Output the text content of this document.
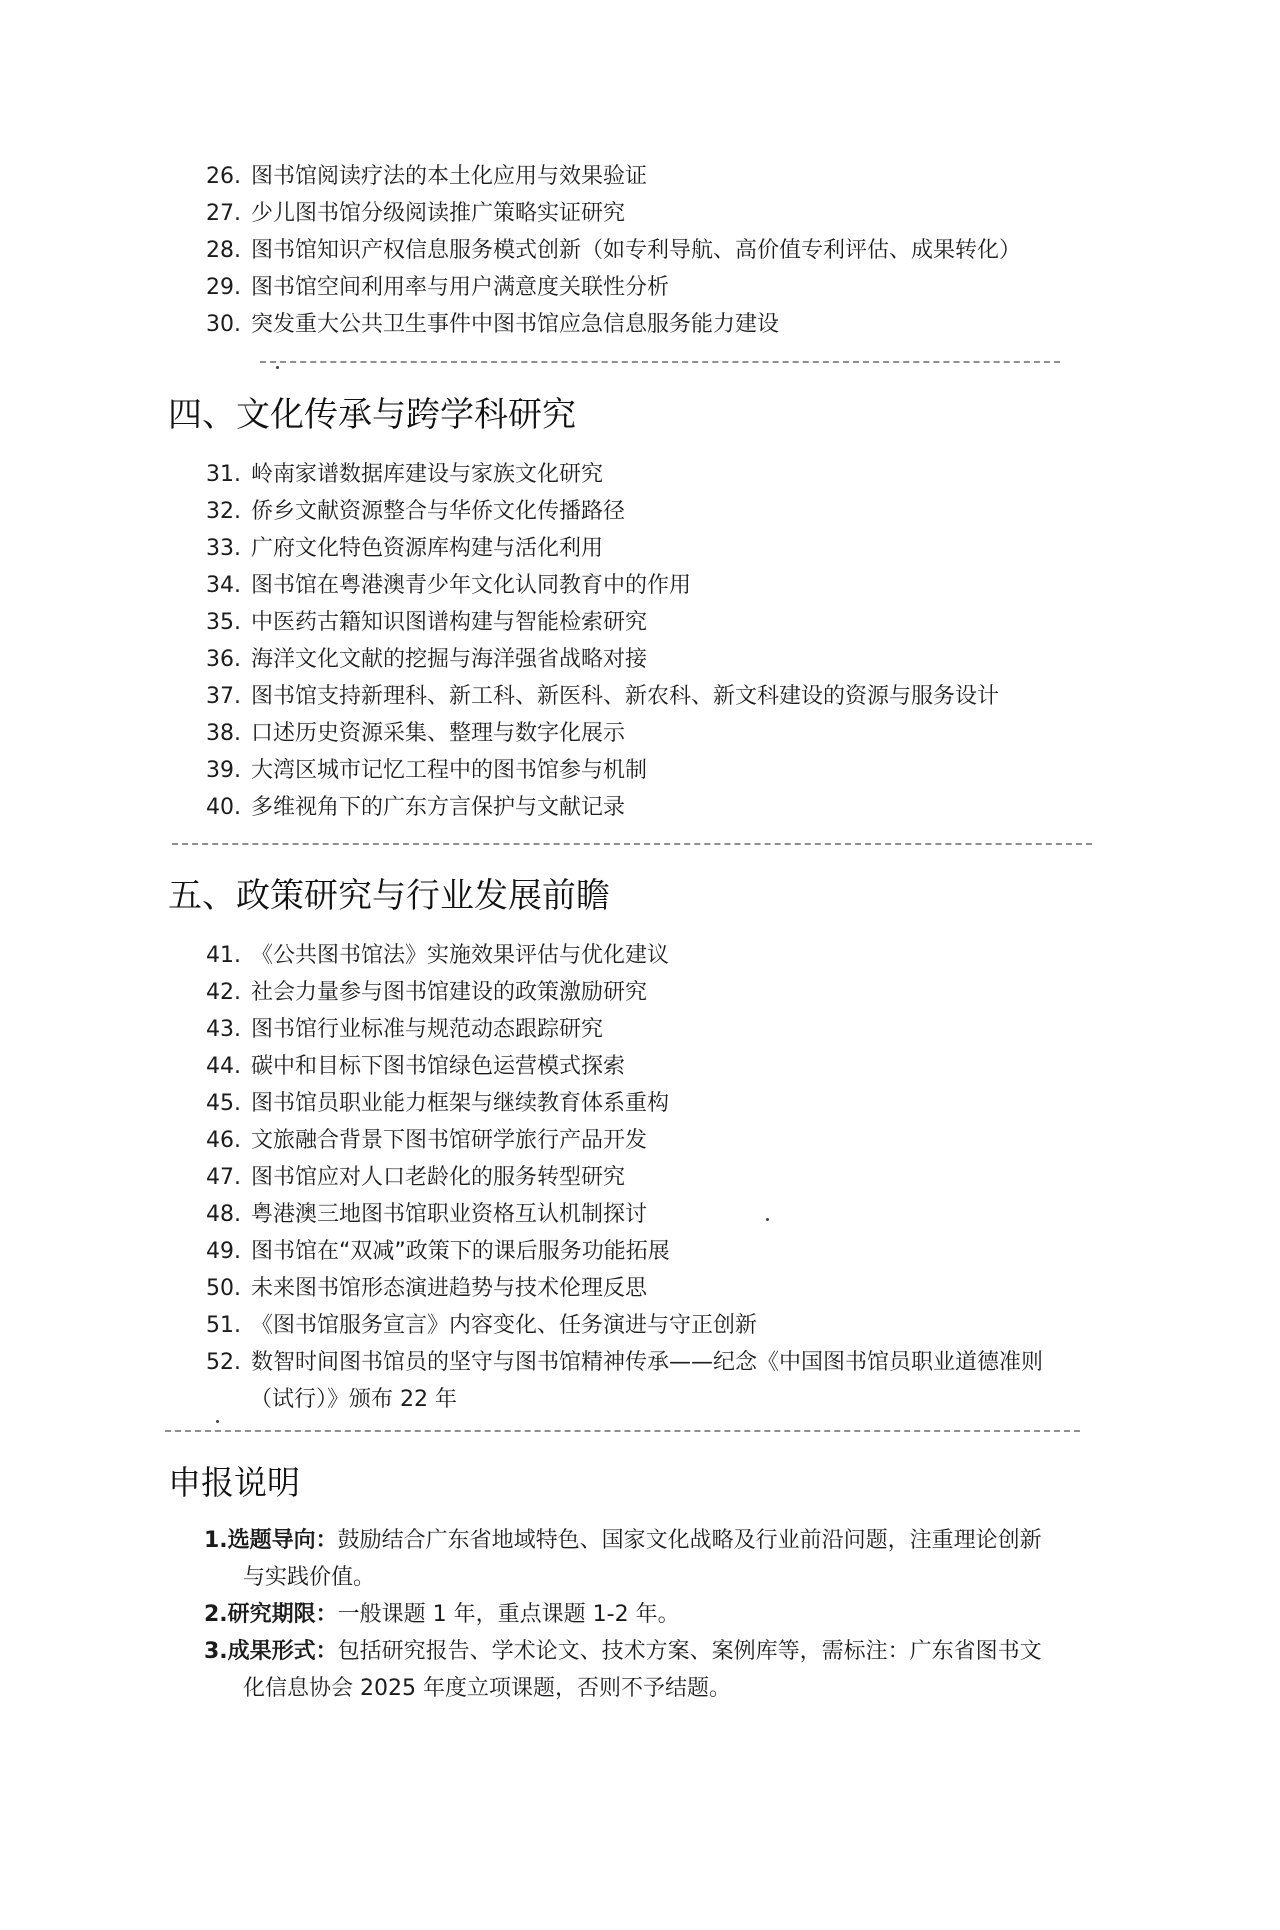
26. 图书馆阅读疗法的本土化应用与效果验证
27. 少儿图书馆分级阅读推广策略实证研究
28. 图书馆知识产权信息服务模式创新（如专利导航、高价值专利评估、成果转化）
29. 图书馆空间利用率与用户满意度关联性分析
30. 突发重大公共卫生事件中图书馆应急信息服务能力建设
四、文化传承与跨学科研究
31. 岭南家谱数据库建设与家族文化研究
32. 侨乡文献资源整合与华侨文化传播路径
33. 广府文化特色资源库构建与活化利用
34. 图书馆在粤港澳青少年文化认同教育中的作用
35. 中医药古籍知识图谱构建与智能检索研究
36. 海洋文化文献的挖掘与海洋强省战略对接
37. 图书馆支持新理科、新工科、新医科、新农科、新文科建设的资源与服务设计
38. 口述历史资源采集、整理与数字化展示
39. 大湾区城市记忆工程中的图书馆参与机制
40. 多维视角下的广东方言保护与文献记录
五、政策研究与行业发展前瞻
41. 《公共图书馆法》实施效果评估与优化建议
42. 社会力量参与图书馆建设的政策激励研究
43. 图书馆行业标准与规范动态跟踪研究
44. 碳中和目标下图书馆绿色运营模式探索
45. 图书馆员职业能力框架与继续教育体系重构
46. 文旅融合背景下图书馆研学旅行产品开发
47. 图书馆应对人口老龄化的服务转型研究
48. 粤港澳三地图书馆职业资格互认机制探讨
49. 图书馆在“双减”政策下的课后服务功能拓展
50. 未来图书馆形态演进趋势与技术伦理反思
51. 《图书馆服务宣言》内容变化、任务演进与守正创新
52. 数智时间图书馆员的坚守与图书馆精神传承——纪念《中国图书馆员职业道德准则
（试行）》颁布 22 年
申报说明
1.选题导向：鼓励结合广东省地域特色、国家文化战略及行业前沿问题，注重理论创新
与实践价值。
2.研究期限：一般课题 1 年，重点课题 1-2 年。
3.成果形式：包括研究报告、学术论文、技术方案、案例库等，需标注：广东省图书文
化信息协会 2025 年度立项课题，否则不予结题。
